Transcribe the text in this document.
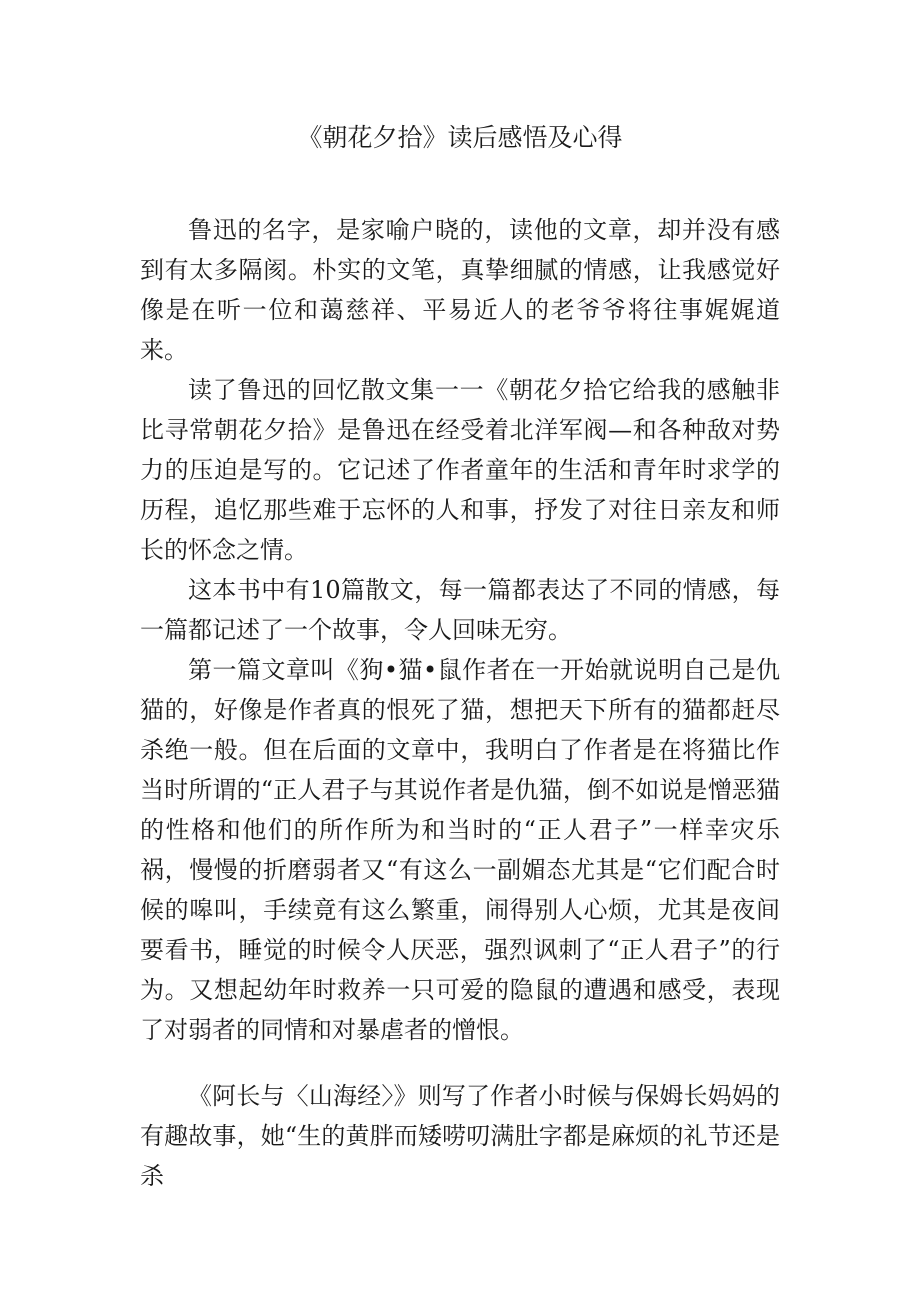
《朝花夕拾》读后感悟及心得

鲁迅的名字，是家喻户晓的，读他的文章，却并没有感到有太多隔阂。朴实的文笔，真挚细腻的情感，让我感觉好像是在听一位和蔼慈祥、平易近人的老爷爷将往事娓娓道来。

读了鲁迅的回忆散文集一一《朝花夕拾它给我的感触非比寻常朝花夕拾》是鲁迅在经受着北洋军阀—和各种敌对势力的压迫是写的。它记述了作者童年的生活和青年时求学的历程，追忆那些难于忘怀的人和事，抒发了对往日亲友和师长的怀念之情。

这本书中有10篇散文，每一篇都表达了不同的情感，每一篇都记述了一个故事，令人回味无穷。

第一篇文章叫《狗•猫•鼠作者在一开始就说明自己是仇猫的，好像是作者真的恨死了猫，想把天下所有的猫都赶尽杀绝一般。但在后面的文章中，我明白了作者是在将猫比作当时所谓的“正人君子与其说作者是仇猫，倒不如说是憎恶猫的性格和他们的所作所为和当时的“正人君子”一样幸灾乐祸，慢慢的折磨弱者又“有这么一副媚态尤其是“它们配合时候的嗥叫，手续竟有这么繁重，闹得别人心烦，尤其是夜间要看书，睡觉的时候令人厌恶，强烈讽刺了“正人君子”的行为。又想起幼年时救养一只可爱的隐鼠的遭遇和感受，表现了对弱者的同情和对暴虐者的憎恨。

《阿长与〈山海经〉》则写了作者小时候与保姆长妈妈的有趣故事，她“生的黄胖而矮唠叨满肚字都是麻烦的礼节还是杀
